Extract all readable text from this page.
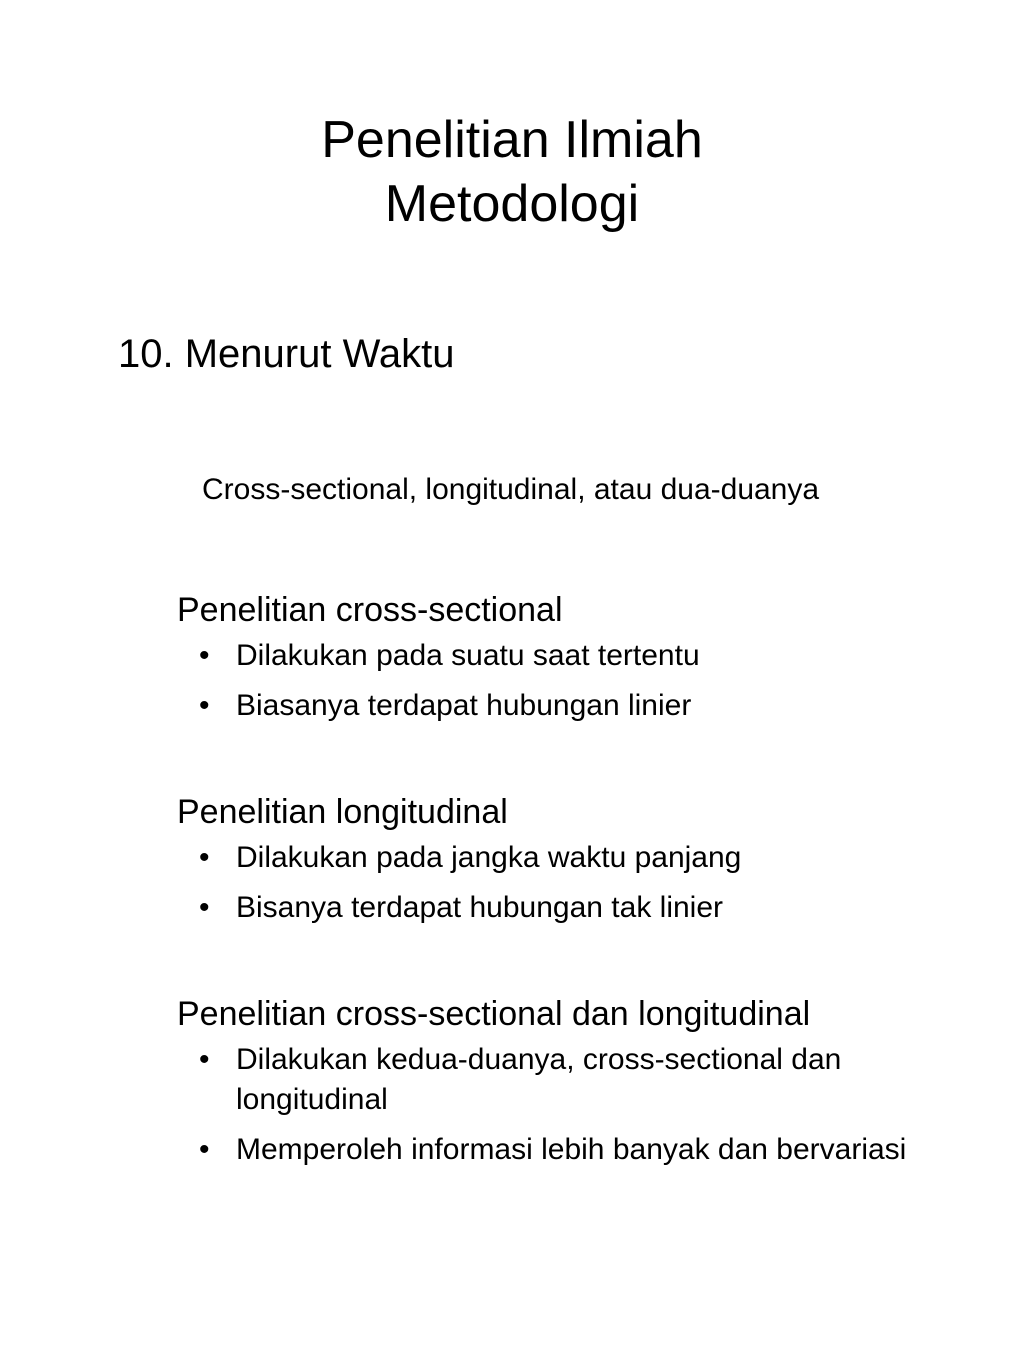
Penelitian Ilmiah
Metodologi
10. Menurut Waktu

Cross-sectional, longitudinal, atau dua-duanya

Penelitian cross-sectional

• Dilakukan pada suatu saat tertentu
• Biasanya terdapat hubungan linier

Penelitian longitudinal

• Dilakukan pada jangka waktu panjang
• Bisanya terdapat hubungan tak linier

Penelitian cross-sectional dan longitudinal

• Dilakukan kedua-duanya, cross-sectional dan longitudinal
• Memperoleh informasi lebih banyak dan bervariasi
